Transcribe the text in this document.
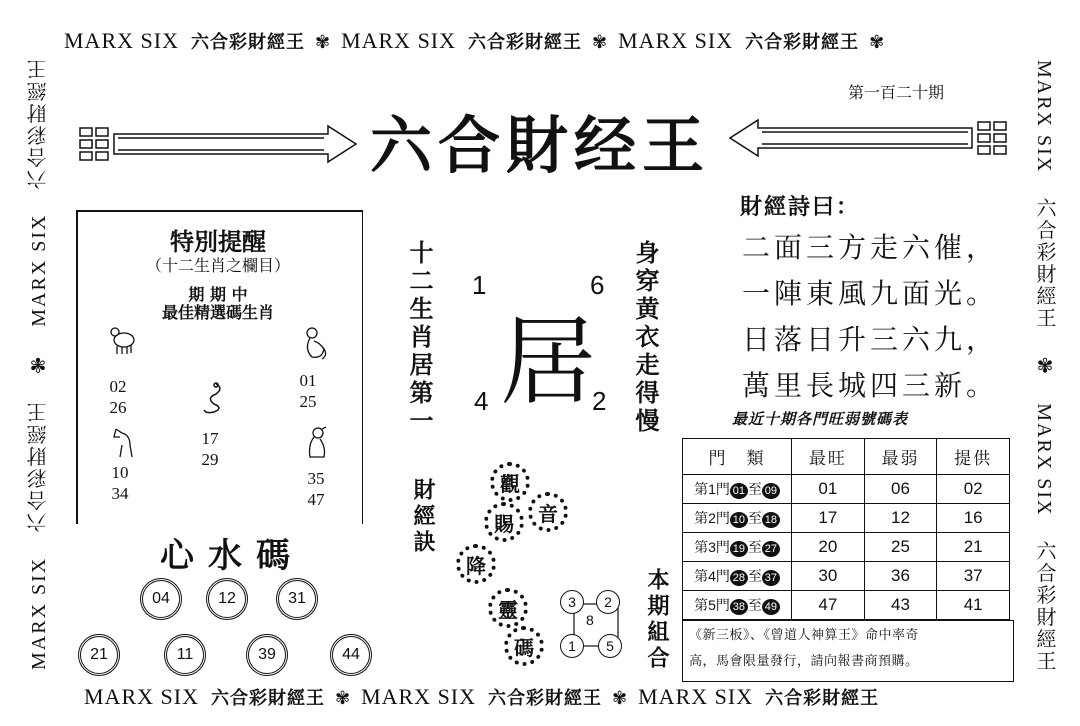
MARX SIX 六合彩財經王 ✾ MARX SIX 六合彩財經王 ✾ MARX SIX 六合彩財經王 ✾
MARX SIX 六合彩財經王 ✾ MARX SIX 六合彩財經王 ✾ MARX SIX 六合彩財經王
MARX SIX 六合彩財經王 ✾ MARX SIX 六合彩財經王	MARX SIX 六合彩財經王 ✾ MARX SIX 六合彩財經王
第一百二十期
六合財经王
特別提醒
（十二生肖之欄目）
期 期 中
最佳精選碼生肖
02
26
01
25
17
29
10
34
35
47
心水碼
04	12	31
21	11	39	44
十二生肖居第一	身穿黄衣走得慢
1	6
4	2
居
財經訣	觀
音
賜
降
靈
碼
3	2
8
1	5	本期組合
財經詩曰：
二面三方走六催，
一陣東風九面光。
日落日升三六九，
萬里長城四三新。
最近十期各門旺弱號碼表
門　類	最旺	最弱	提供
第1門 01 至 09	01	06	02
第2門 10 至 18	17	12	16
第3門 19 至 27	20	25	21
第4門 28 至 37	30	36	37
第5門 38 至 49	47	43	41
《新三板》、《曾道人神算王》命中率奇
高，馬會限量發行，請向報書商預購。
